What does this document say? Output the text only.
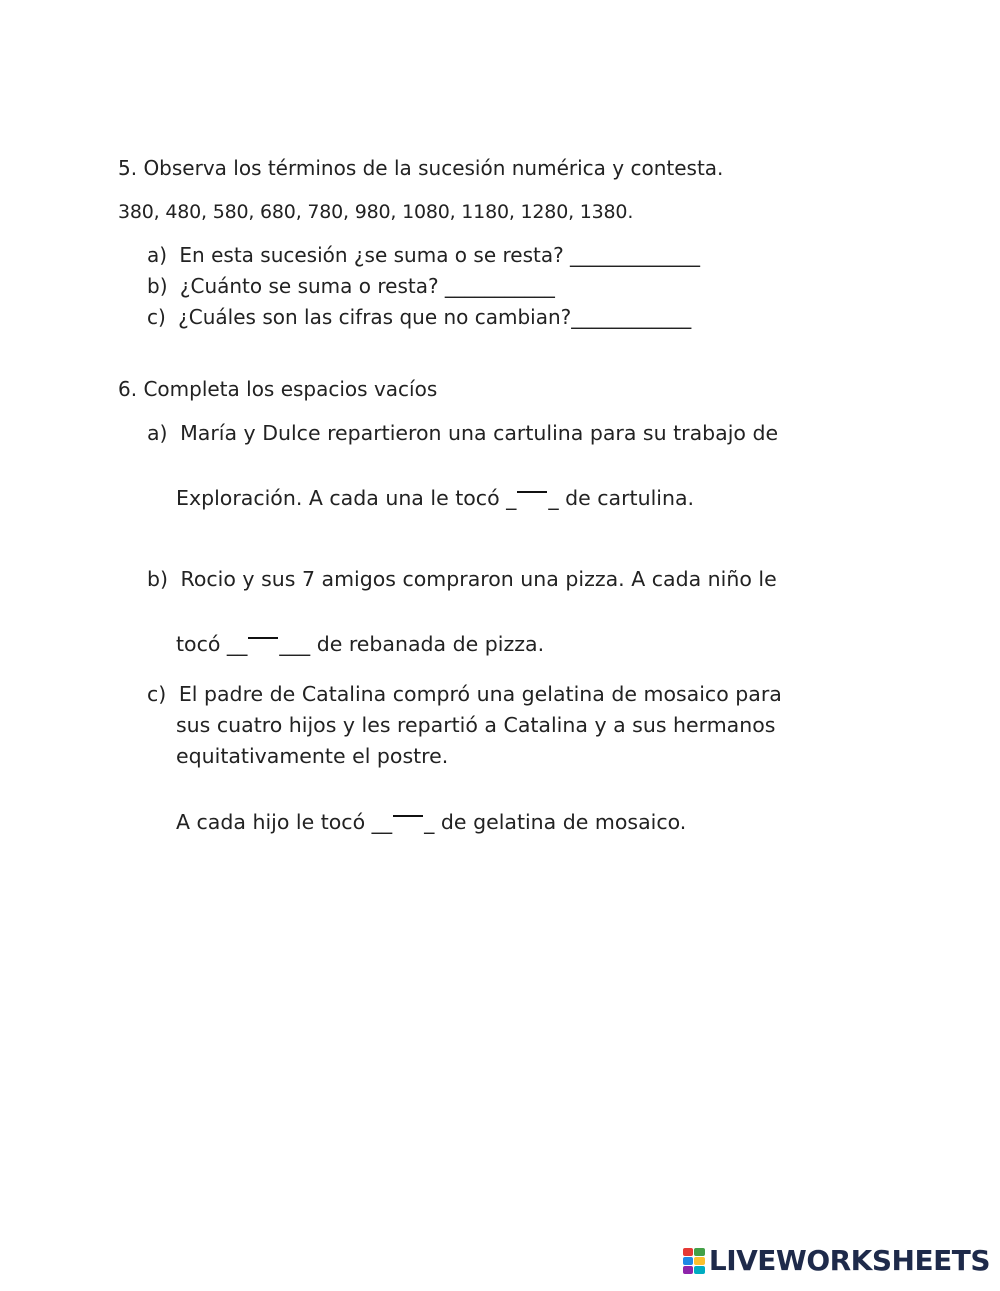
5. Observa los términos de la sucesión numérica y contesta.
380, 480, 580, 680, 780, 980, 1080, 1180, 1280, 1380.
a) En esta sucesión ¿se suma o se resta? _____________
b) ¿Cuánto se suma o resta? ___________
c) ¿Cuáles son las cifras que no cambian?____________
6. Completa los espacios vacíos
a) María y Dulce repartieron una cartulina para su trabajo de
Exploración. A cada una le tocó _ _ de cartulina.
b) Rocio y sus 7 amigos compraron una pizza. A cada niño le
tocó __ ___ de rebanada de pizza.
c) El padre de Catalina compró una gelatina de mosaico para
sus cuatro hijos y les repartió a Catalina y a sus hermanos
equitativamente el postre.
A cada hijo le tocó __ _ de gelatina de mosaico.
LIVEWORKSHEETS
